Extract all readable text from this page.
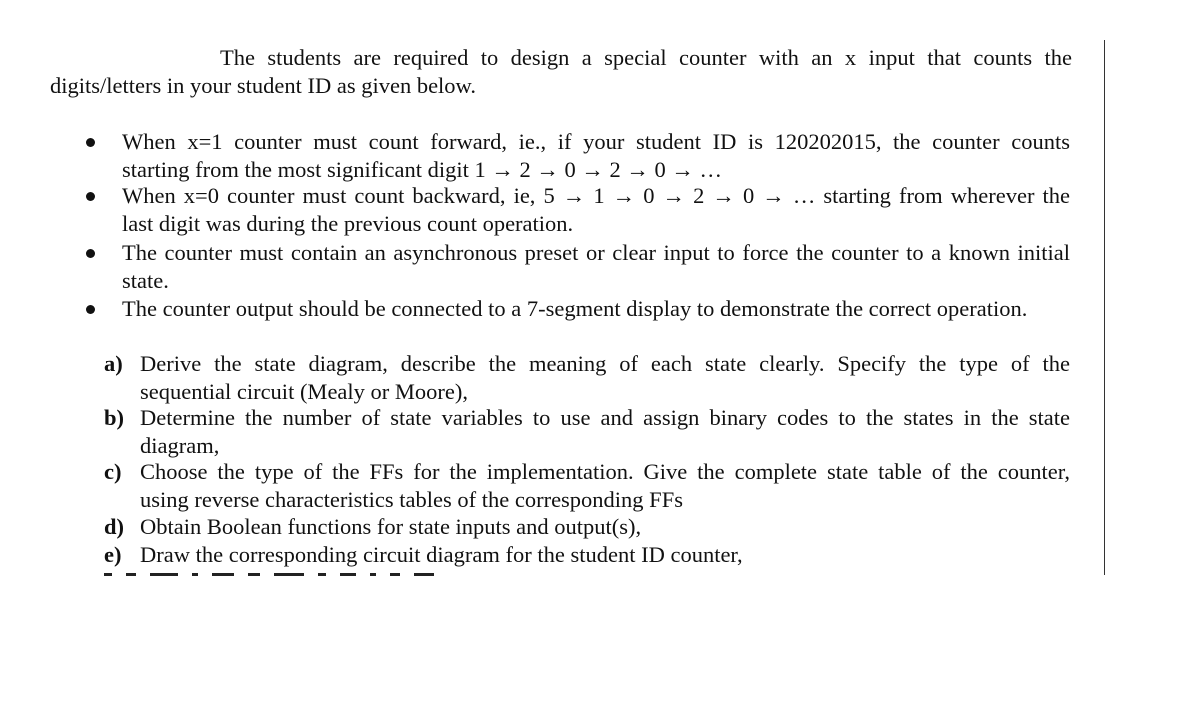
The students are required to design a special counter with an x input that counts the
digits/letters in your student ID as given below.
When x=1 counter must count forward, ie., if your student ID is 120202015, the counter counts
starting from the most significant digit 1 → 2 → 0 → 2 → 0 → …
When x=0 counter must count backward, ie, 5 → 1 → 0 → 2 → 0 → … starting from wherever the
last digit was during the previous count operation.
The counter must contain an asynchronous preset or clear input to force the counter to a known initial
state.
The counter output should be connected to a 7-segment display to demonstrate the correct operation.
a) Derive the state diagram, describe the meaning of each state clearly. Specify the type of the
sequential circuit (Mealy or Moore),
b) Determine the number of state variables to use and assign binary codes to the states in the state
diagram,
c) Choose the type of the FFs for the implementation. Give the complete state table of the counter,
using reverse characteristics tables of the corresponding FFs
d) Obtain Boolean functions for state inputs and output(s),
e) Draw the corresponding circuit diagram for the student ID counter,
